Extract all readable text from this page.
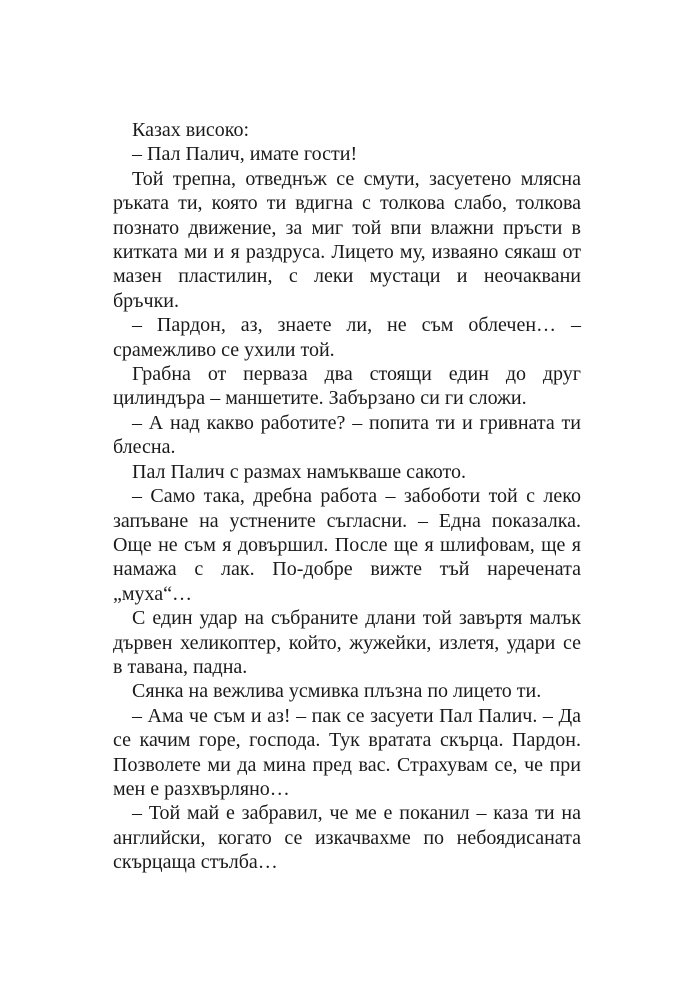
Казах високо:
– Пал Палич, имате гости!
Той трепна, отведнъж се смути, засуетено млясна
ръката ти, която ти вдигна с толкова слабо, толкова
познато движение, за миг той впи влажни пръсти в
китката ми и я раздруса. Лицето му, изваяно сякаш от
мазен пластилин, с леки мустаци и неочаквани
бръчки.
– Пардон, аз, знаете ли, не съм облечен… –
срамежливо се ухили той.
Грабна от перваза два стоящи един до друг
цилиндъра – маншетите. Забързано си ги сложи.
– А над какво работите? – попита ти и гривната ти
блесна.
Пал Палич с размах намъкваше сакото.
– Само така, дребна работа – забоботи той с леко
запъване на устнените съгласни. – Една показалка.
Още не съм я довършил. После ще я шлифовам, ще я
намажа с лак. По-добре вижте тъй наречената
„муха“…
С един удар на събраните длани той завъртя малък
дървен хеликоптер, който, жужейки, излетя, удари се
в тавана, падна.
Сянка на вежлива усмивка плъзна по лицето ти.
– Ама че съм и аз! – пак се засуети Пал Палич. – Да
се качим горе, господа. Тук вратата скърца. Пардон.
Позволете ми да мина пред вас. Страхувам се, че при
мен е разхвърляно…
– Той май е забравил, че ме е поканил – каза ти на
английски, когато се изкачвахме по небоядисаната
скърцаща стълба…
